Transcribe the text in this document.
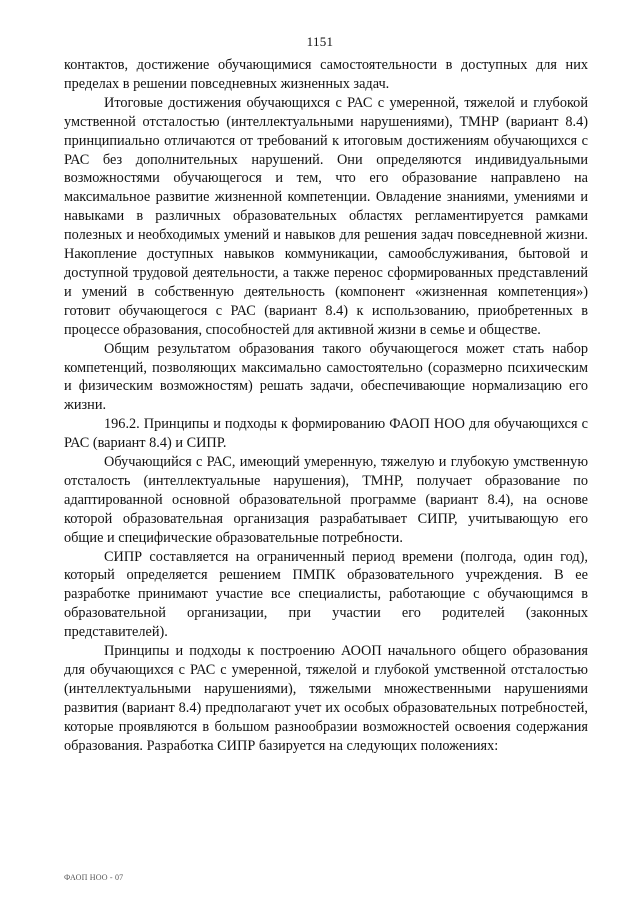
1151

контактов, достижение обучающимися самостоятельности в доступных для них пределах в решении повседневных жизненных задач.

Итоговые достижения обучающихся с РАС с умеренной, тяжелой и глубокой умственной отсталостью (интеллектуальными нарушениями), ТМНР (вариант 8.4) принципиально отличаются от требований к итоговым достижениям обучающихся с РАС без дополнительных нарушений. Они определяются индивидуальными возможностями обучающегося и тем, что его образование направлено на максимальное развитие жизненной компетенции. Овладение знаниями, умениями и навыками в различных образовательных областях регламентируется рамками полезных и необходимых умений и навыков для решения задач повседневной жизни. Накопление доступных навыков коммуникации, самообслуживания, бытовой и доступной трудовой деятельности, а также перенос сформированных представлений и умений в собственную деятельность (компонент «жизненная компетенция») готовит обучающегося с РАС (вариант 8.4) к использованию, приобретенных в процессе образования, способностей для активной жизни в семье и обществе.

Общим результатом образования такого обучающегося может стать набор компетенций, позволяющих максимально самостоятельно (соразмерно психическим и физическим возможностям) решать задачи, обеспечивающие нормализацию его жизни.

196.2. Принципы и подходы к формированию ФАОП НОО для обучающихся с РАС (вариант 8.4) и СИПР.

Обучающийся с РАС, имеющий умеренную, тяжелую и глубокую умственную отсталость (интеллектуальные нарушения), ТМНР, получает образование по адаптированной основной образовательной программе (вариант 8.4), на основе которой образовательная организация разрабатывает СИПР, учитывающую его общие и специфические образовательные потребности.

СИПР составляется на ограниченный период времени (полгода, один год), который определяется решением ПМПК образовательного учреждения. В ее разработке принимают участие все специалисты, работающие с обучающимся в образовательной организации, при участии его родителей (законных представителей).

Принципы и подходы к построению АООП начального общего образования для обучающихся с РАС с умеренной, тяжелой и глубокой умственной отсталостью (интеллектуальными нарушениями), тяжелыми множественными нарушениями развития (вариант 8.4) предполагают учет их особых образовательных потребностей, которые проявляются в большом разнообразии возможностей освоения содержания образования. Разработка СИПР базируется на следующих положениях:

ФАОП НОО - 07
